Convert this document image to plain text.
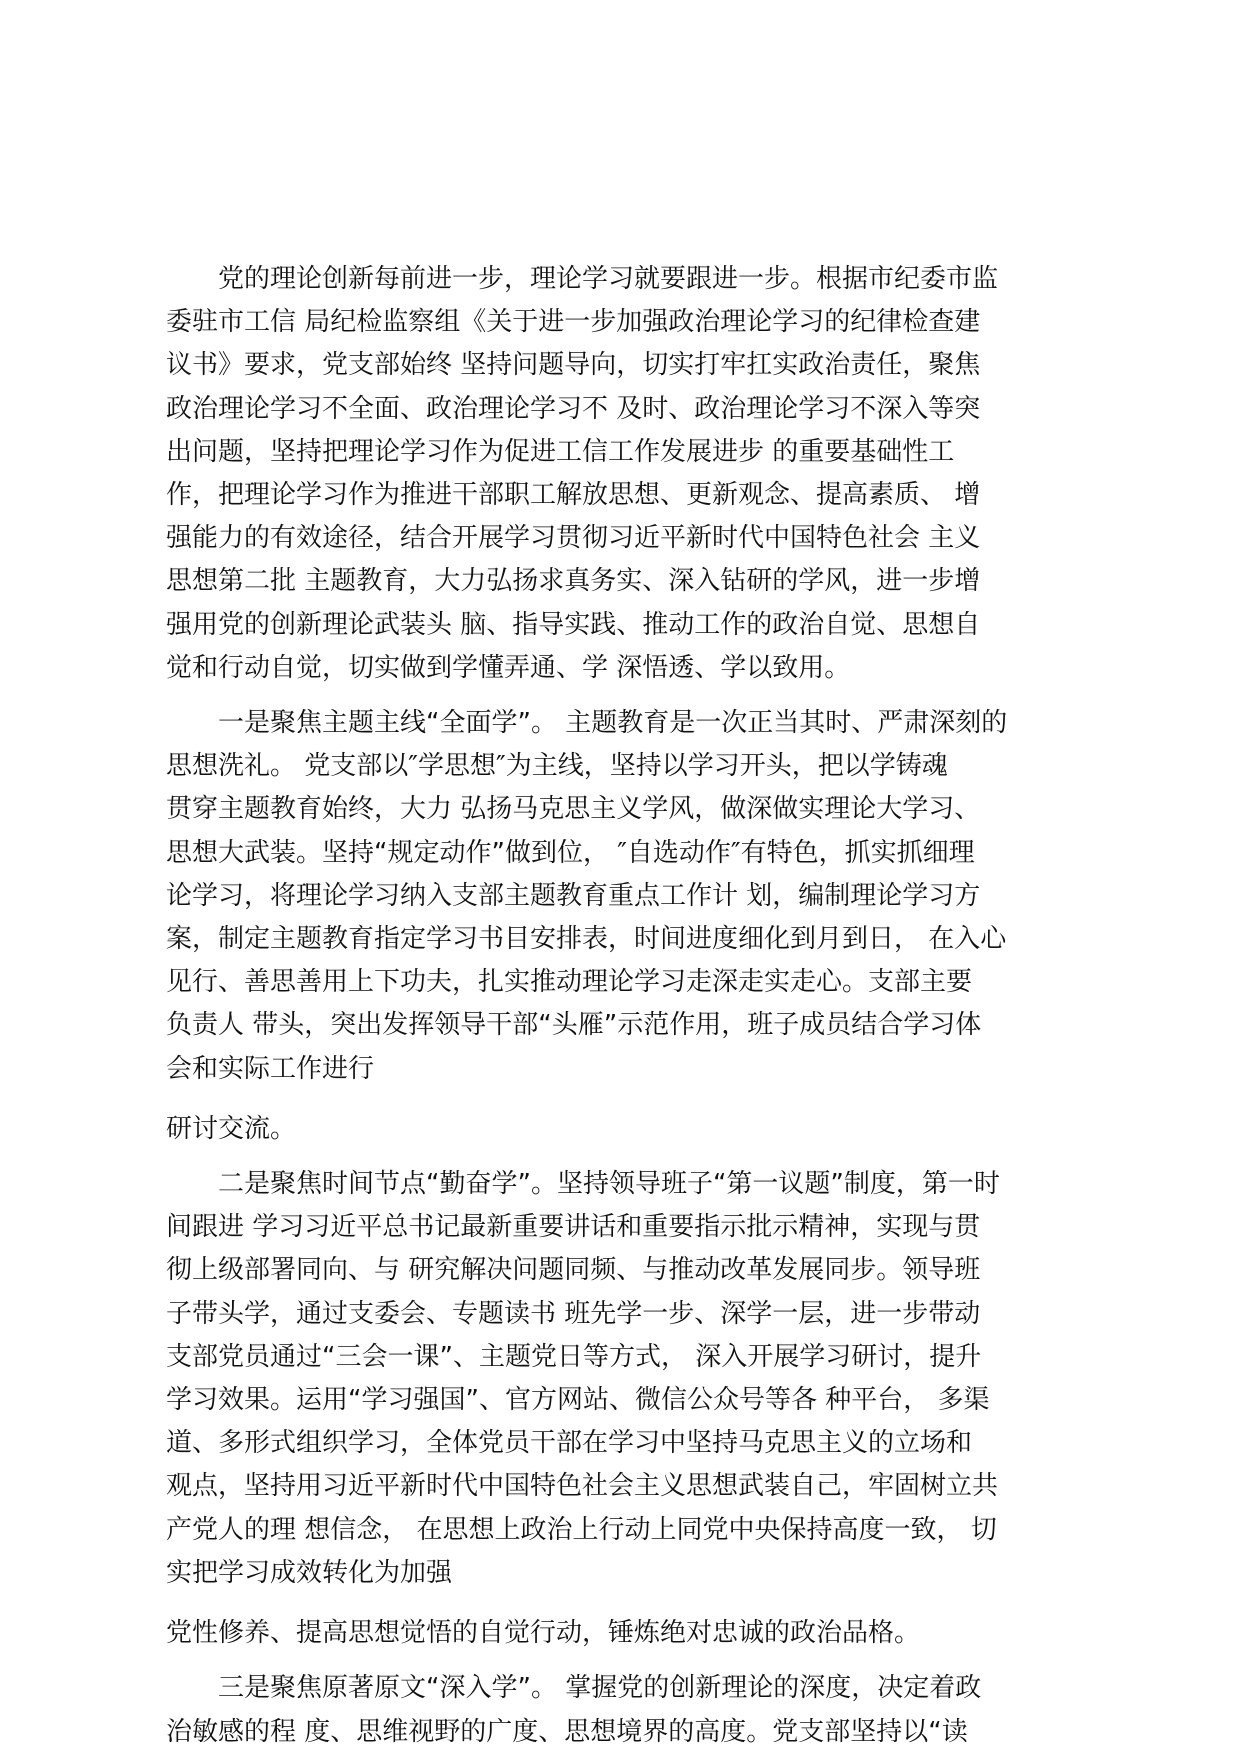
党的理论创新每前进一步，理论学习就要跟进一步。根据市纪委市监
委驻市工信 局纪检监察组《关于进一步加强政治理论学习的纪律检查建
议书》要求，党支部始终 坚持问题导向，切实打牢扛实政治责任，聚焦
政治理论学习不全面、政治理论学习不 及时、政治理论学习不深入等突
出问题，坚持把理论学习作为促进工信工作发展进步 的重要基础性工
作，把理论学习作为推进干部职工解放思想、更新观念、提高素质、 增
强能力的有效途径，结合开展学习贯彻习近平新时代中国特色社会 主义
思想第二批 主题教育，大力弘扬求真务实、深入钻研的学风，进一步增
强用党的创新理论武装头 脑、指导实践、推动工作的政治自觉、思想自
觉和行动自觉，切实做到学懂弄通、学 深悟透、学以致用。

一是聚焦主题主线“全面学”。 主题教育是一次正当其时、严肃深刻的
思想洗礼。 党支部以″学思想″为主线，坚持以学习开头，把以学铸魂
贯穿主题教育始终，大力 弘扬马克思主义学风，做深做实理论大学习、
思想大武装。坚持“规定动作”做到位， ″自选动作″有特色，抓实抓细理
论学习，将理论学习纳入支部主题教育重点工作计 划，编制理论学习方
案，制定主题教育指定学习书目安排表，时间进度细化到月到日， 在入心
见行、善思善用上下功夫，扎实推动理论学习走深走实走心。支部主要
负责人 带头，突出发挥领导干部“头雁”示范作用，班子成员结合学习体
会和实际工作进行

研讨交流。

二是聚焦时间节点“勤奋学”。坚持领导班子“第一议题”制度，第一时
间跟进 学习习近平总书记最新重要讲话和重要指示批示精神，实现与贯
彻上级部署同向、与 研究解决问题同频、与推动改革发展同步。领导班
子带头学，通过支委会、专题读书 班先学一步、深学一层，进一步带动
支部党员通过“三会一课”、主题党日等方式， 深入开展学习研讨，提升
学习效果。运用“学习强国”、官方网站、微信公众号等各 种平台， 多渠
道、多形式组织学习，全体党员干部在学习中坚持马克思主义的立场和
观点，坚持用习近平新时代中国特色社会主义思想武装自己，牢固树立共
产党人的理 想信念， 在思想上政治上行动上同党中央保持高度一致， 切
实把学习成效转化为加强

党性修养、提高思想觉悟的自觉行动，锤炼绝对忠诚的政治品格。

三是聚焦原著原文“深入学”。 掌握党的创新理论的深度，决定着政
治敏感的程 度、思维视野的广度、思想境界的高度。党支部坚持以“读
